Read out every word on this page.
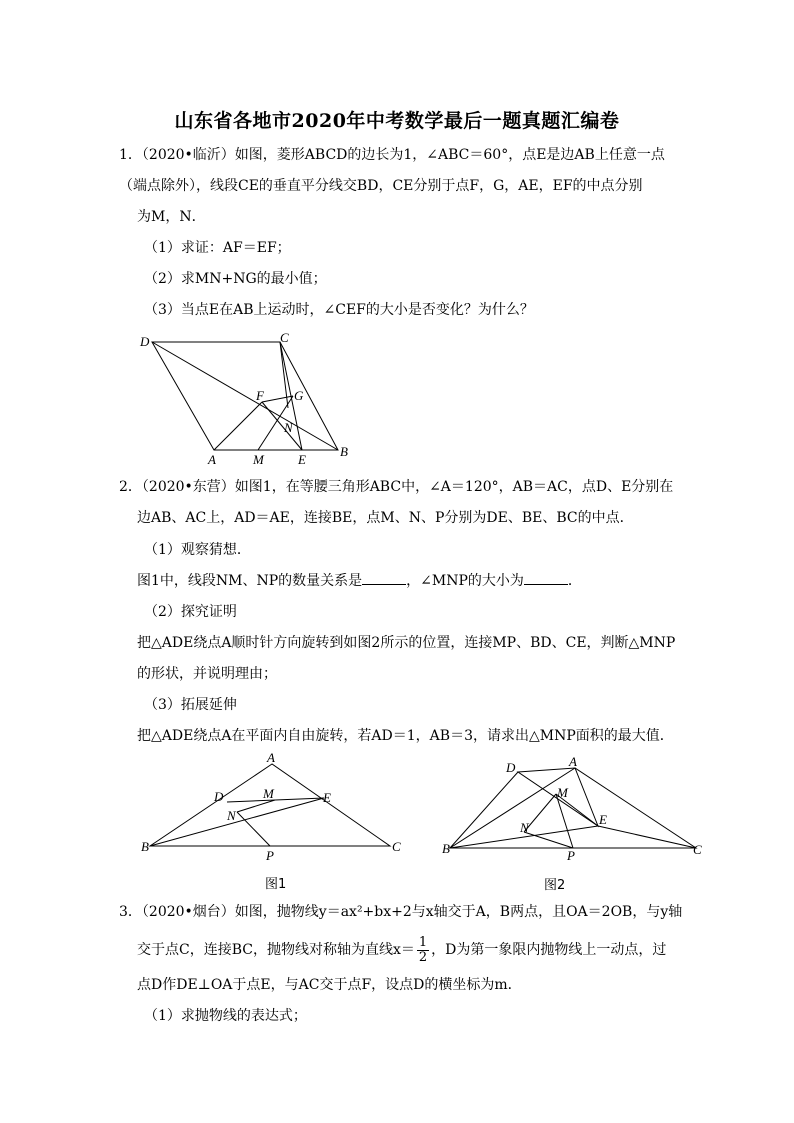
山东省各地市2020年中考数学最后一题真题汇编卷
1．（2020•临沂）如图，菱形ABCD的边长为1，∠ABC＝60°，点E是边AB上任意一点
（端点除外），线段CE的垂直平分线交BD，CE分别于点F，G，AE，EF的中点分别
为M，N．
（1）求证：AF＝EF；
（2）求MN+NG的最小值；
（3）当点E在AB上运动时，∠CEF的大小是否变化？为什么？
D	C
F G
N
B
A	M	E
2．（2020•东营）如图1，在等腰三角形ABC中，∠A＝120°，AB＝AC，点D、E分别在
边AB、AC上，AD＝AE，连接BE，点M、N、P分别为DE、BE、BC的中点．
（1）观察猜想．
图1中，线段NM、NP的数量关系是	，∠MNP的大小为	．
（2）探究证明
把△ADE绕点A顺时针方向旋转到如图2所示的位置，连接MP、BD、CE，判断△MNP
的形状，并说明理由；
（3）拓展延伸
把△ADE绕点A在平面内自由旋转，若AD＝1，AB＝3，请求出△MNP面积的最大值．
A
D	M	E
N
B
P
C
图1
D	A
M
E
N
B	P	C
图2
3．（2020•烟台）如图，抛物线y＝ax²+bx+2与x轴交于A，B两点，且OA＝2OB，与y轴
交于点C，连接BC，抛物线对称轴为直线$x= \frac{1}{2}$ ，D为第一象限内抛物线上一动点，过
点D作DE⊥OA于点E，与AC交于点F，设点D的横坐标为m．
（1）求抛物线的表达式；
